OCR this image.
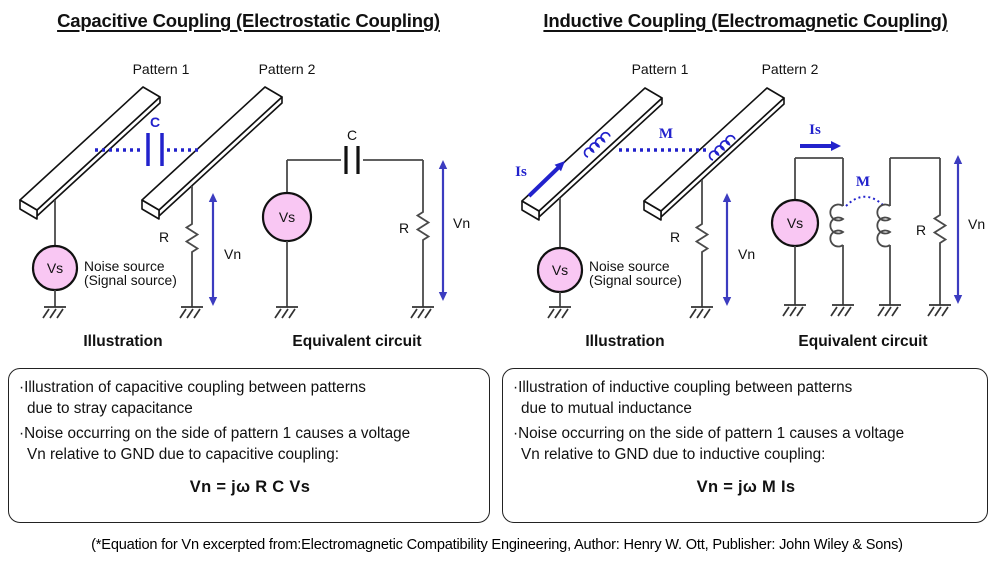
Capacitive Coupling (Electrostatic Coupling)	Inductive Coupling (Electromagnetic Coupling)
Pattern 1	Pattern 2
C
Vs Noise source
(Signal source)
R
Vn
Illustration
C
Vs
R	Vn
Equivalent circuit
Pattern 1	Pattern 2
M
Is
Vs Noise source
(Signal source)
R
Vn
Illustration
Is
Vs
M
R	Vn
Equivalent circuit
·Illustration of capacitive coupling between patterns
due to stray capacitance
·Noise occurring on the side of pattern 1 causes a voltage
Vn relative to GND due to capacitive coupling:
Vn = jω R C Vs
·Illustration of inductive coupling between patterns
due to mutual inductance
·Noise occurring on the side of pattern 1 causes a voltage
Vn relative to GND due to inductive coupling:
Vn = jω M Is
(*Equation for Vn excerpted from:Electromagnetic Compatibility Engineering, Author: Henry W. Ott, Publisher: John Wiley & Sons)
